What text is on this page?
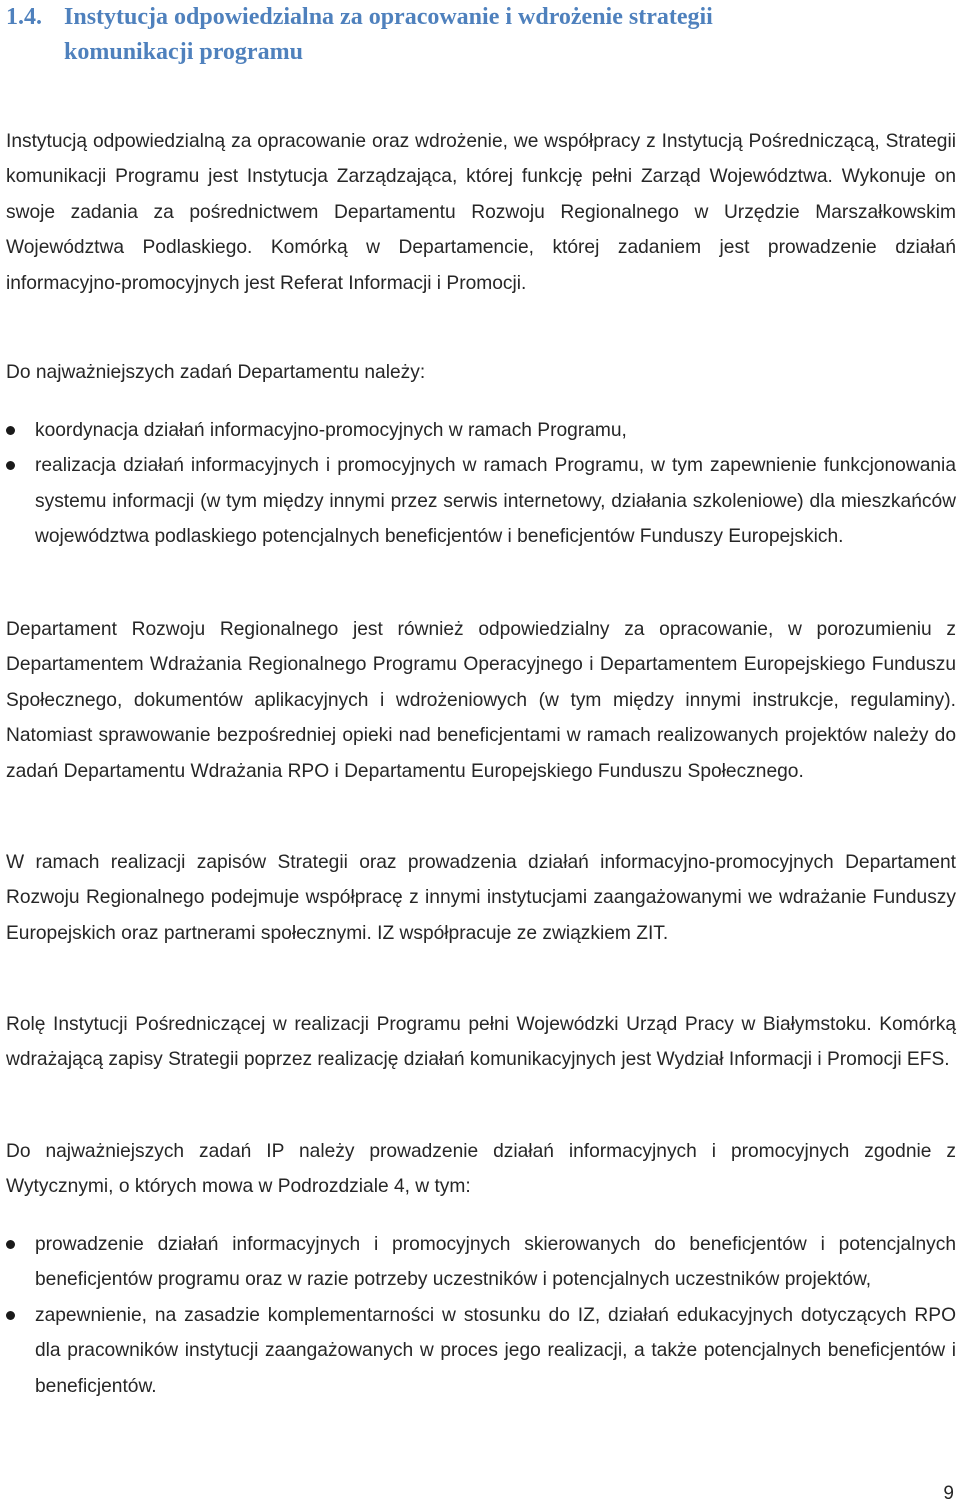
1.4. Instytucja odpowiedzialna za opracowanie i wdrożenie strategii
komunikacji programu

Instytucją odpowiedzialną za opracowanie oraz wdrożenie, we współpracy z Instytucją Pośredniczącą, Strategii komunikacji Programu jest Instytucja Zarządzająca, której funkcję pełni Zarząd Województwa. Wykonuje on swoje zadania za pośrednictwem Departamentu Rozwoju Regionalnego w Urzędzie Marszałkowskim Województwa Podlaskiego. Komórką w Departamencie, której zadaniem jest prowadzenie działań informacyjno-promocyjnych jest Referat Informacji i Promocji.

Do najważniejszych zadań Departamentu należy:

koordynacja działań informacyjno-promocyjnych w ramach Programu,
realizacja działań informacyjnych i promocyjnych w ramach Programu, w tym zapewnienie funkcjonowania systemu informacji (w tym między innymi przez serwis internetowy, działania szkoleniowe) dla mieszkańców województwa podlaskiego potencjalnych beneficjentów i beneficjentów Funduszy Europejskich.

Departament Rozwoju Regionalnego jest również odpowiedzialny za opracowanie, w porozumieniu z Departamentem Wdrażania Regionalnego Programu Operacyjnego i Departamentem Europejskiego Funduszu Społecznego, dokumentów aplikacyjnych i wdrożeniowych (w tym między innymi instrukcje, regulaminy). Natomiast sprawowanie bezpośredniej opieki nad beneficjentami w ramach realizowanych projektów należy do zadań Departamentu Wdrażania RPO i Departamentu Europejskiego Funduszu Społecznego.

W ramach realizacji zapisów Strategii oraz prowadzenia działań informacyjno-promocyjnych Departament Rozwoju Regionalnego podejmuje współpracę z innymi instytucjami zaangażowanymi we wdrażanie Funduszy Europejskich oraz partnerami społecznymi. IZ współpracuje ze związkiem ZIT.

Rolę Instytucji Pośredniczącej w realizacji Programu pełni Wojewódzki Urząd Pracy w Białymstoku. Komórką wdrażającą zapisy Strategii poprzez realizację działań komunikacyjnych jest Wydział Informacji i Promocji EFS.

Do najważniejszych zadań IP należy prowadzenie działań informacyjnych i promocyjnych zgodnie z Wytycznymi, o których mowa w Podrozdziale 4, w tym:

prowadzenie działań informacyjnych i promocyjnych skierowanych do beneficjentów i potencjalnych beneficjentów programu oraz w razie potrzeby uczestników i potencjalnych uczestników projektów,
zapewnienie, na zasadzie komplementarności w stosunku do IZ, działań edukacyjnych dotyczących RPO dla pracowników instytucji zaangażowanych w proces jego realizacji, a także potencjalnych beneficjentów i beneficjentów.
9
